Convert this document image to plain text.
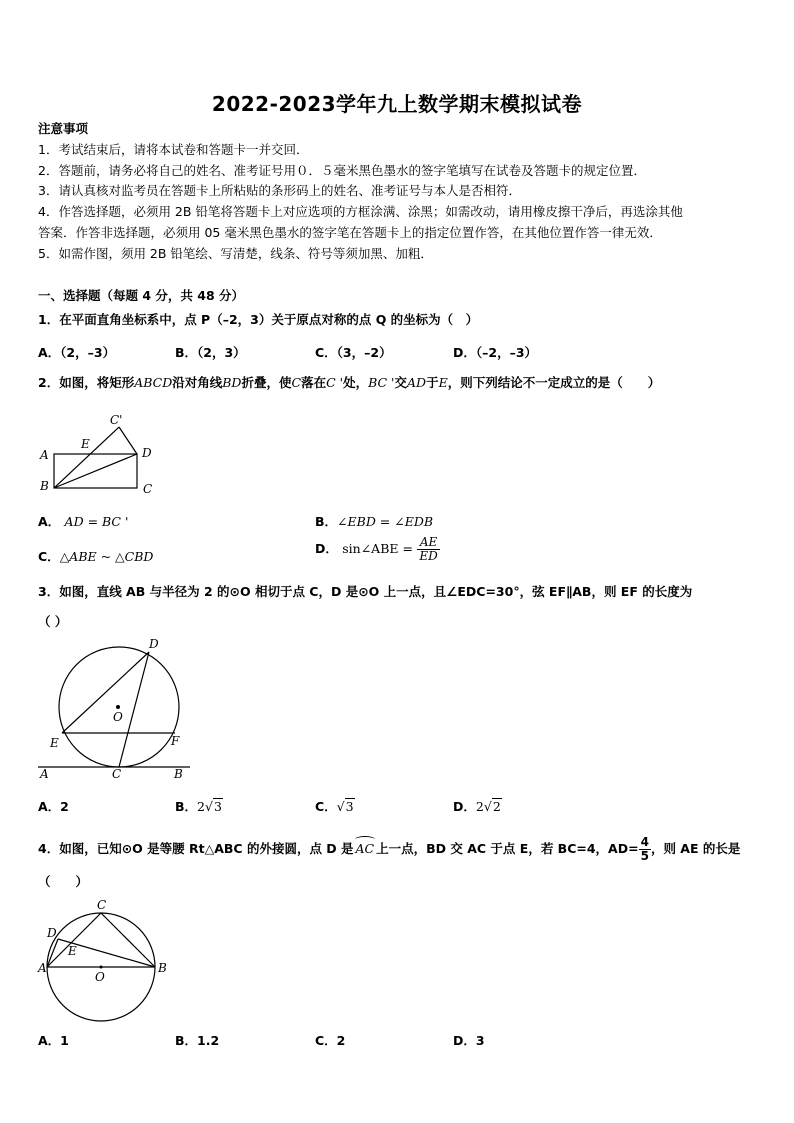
2022-2023学年九上数学期末模拟试卷
注意事项
1．考试结束后，请将本试卷和答题卡一并交回．
2．答题前，请务必将自己的姓名、准考证号用０．５毫米黑色墨水的签字笔填写在试卷及答题卡的规定位置．
3．请认真核对监考员在答题卡上所粘贴的条形码上的姓名、准考证号与本人是否相符．
4．作答选择题，必须用 2B 铅笔将答题卡上对应选项的方框涂满、涂黑；如需改动，请用橡皮擦干净后，再选涂其他
答案．作答非选择题，必须用 05 毫米黑色墨水的签字笔在答题卡上的指定位置作答，在其他位置作答一律无效．
5．如需作图，须用 2B 铅笔绘、写清楚，线条、符号等须加黑、加粗．
一、选择题（每题 4 分，共 48 分）
1．在平面直角坐标系中，点 P（–2，3）关于原点对称的点 Q 的坐标为（　）
A．（2，–3）	B．（2，3）	C．（3，–2）	D．（–2，–3）
2．如图，将矩形ABCD沿对角线BD折叠，使C落在C '处，BC '交AD于E，则下列结论不一定成立的是（　　）
C'
E
A	D
B	C
A． AD = BC '	B．∠EBD = ∠EDB
C．△ABE ~ △CBD
D． sin∠ABE = $\frac{AE}{ED}$
3．如图，直线 AB 与半径为 2 的⊙O 相切于点 C，D 是⊙O 上一点，且∠EDC=30°，弦 EF∥AB，则 EF 的长度为
（ ）
D
O
E	F
A	C	B
A．2	B．2√3	C．√3	D．2√2
4．如图，已知⊙O 是等腰 Rt△ABC 的外接圆，点 D 是 AC 上一点，BD 交 AC 于点 E，若 BC=4，$AD= \frac{4}{5}$ ，则 AE 的长是
（　　）
C
D
E
A
O
B
A．1	B．1.2	C．2	D．3
